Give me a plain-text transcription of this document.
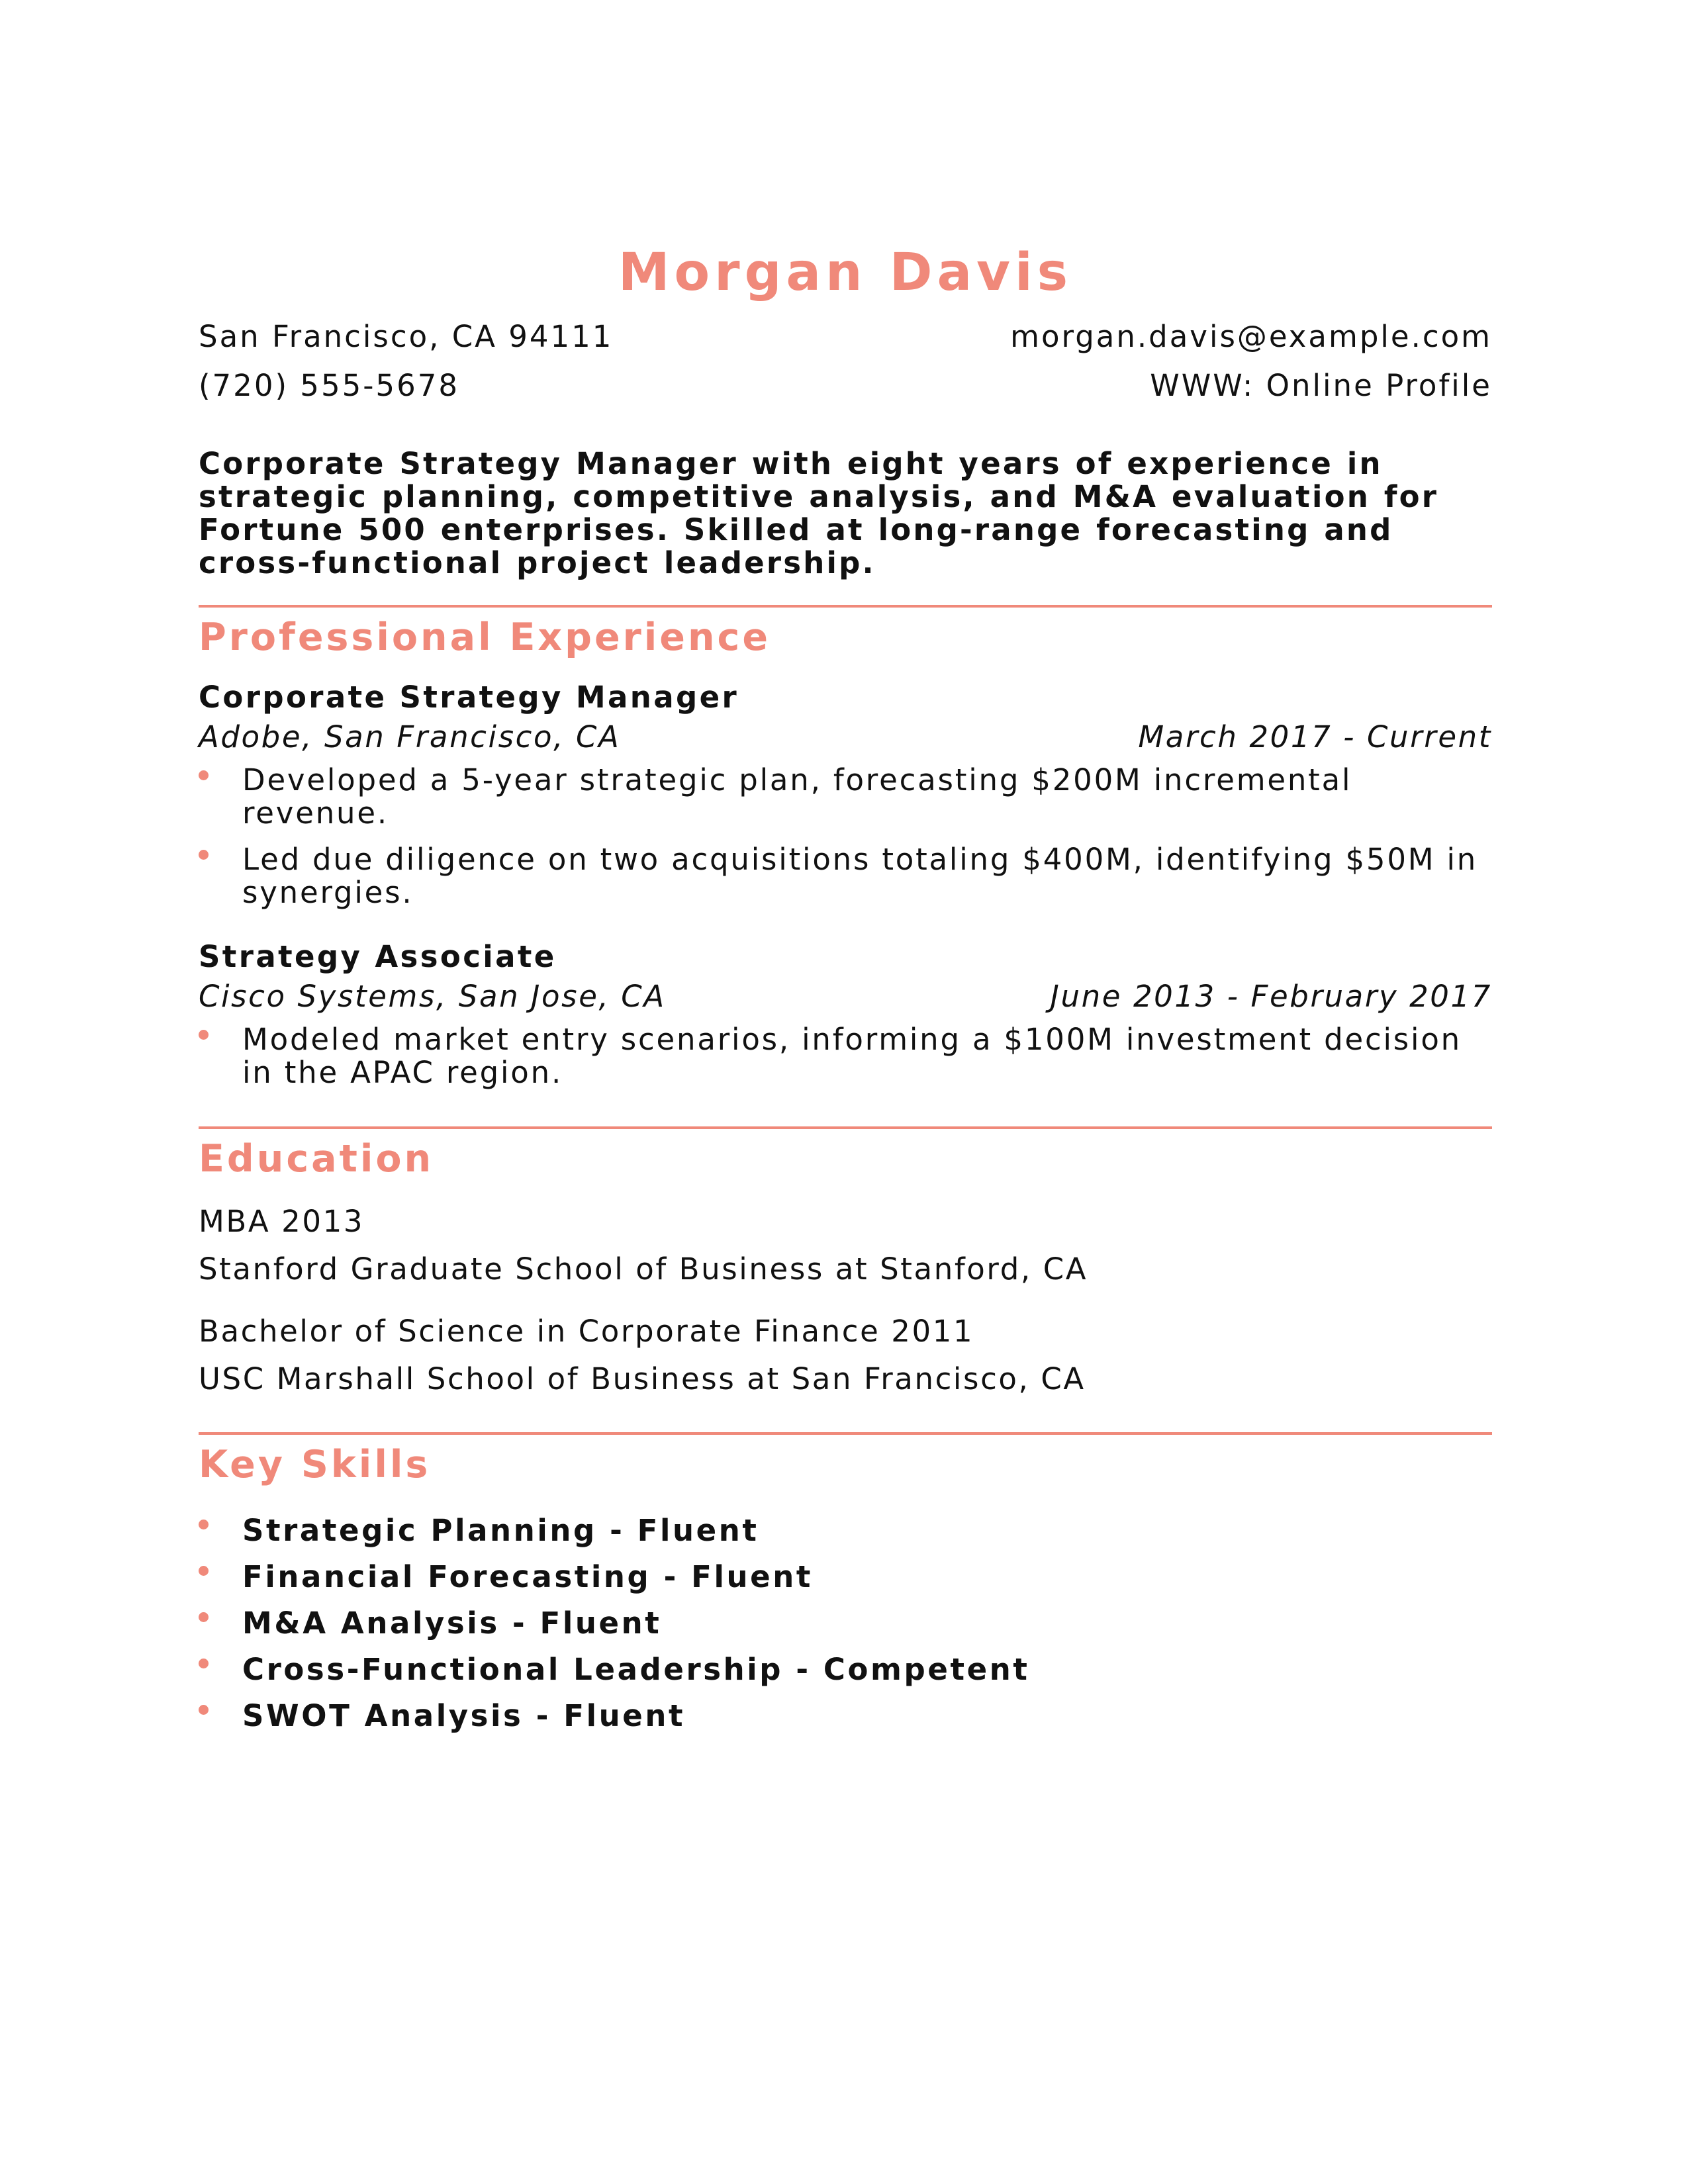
Morgan Davis
San Francisco, CA 94111	morgan.davis@example.com
(720) 555-5678	WWW: Online Profile
Corporate Strategy Manager with eight years of experience in strategic planning, competitive analysis, and M&A evaluation for Fortune 500 enterprises. Skilled at long-range forecasting and cross-functional project leadership.
Professional Experience
Corporate Strategy Manager
Adobe, San Francisco, CA	March 2017 - Current
Developed a 5-year strategic plan, forecasting $200M incremental revenue.
Led due diligence on two acquisitions totaling $400M, identifying $50M in synergies.
Strategy Associate
Cisco Systems, San Jose, CA	June 2013 - February 2017
Modeled market entry scenarios, informing a $100M investment decision in the APAC region.
Education
MBA 2013
Stanford Graduate School of Business at Stanford, CA
Bachelor of Science in Corporate Finance 2011
USC Marshall School of Business at San Francisco, CA
Key Skills
Strategic Planning - Fluent
Financial Forecasting - Fluent
M&A Analysis - Fluent
Cross-Functional Leadership - Competent
SWOT Analysis - Fluent
